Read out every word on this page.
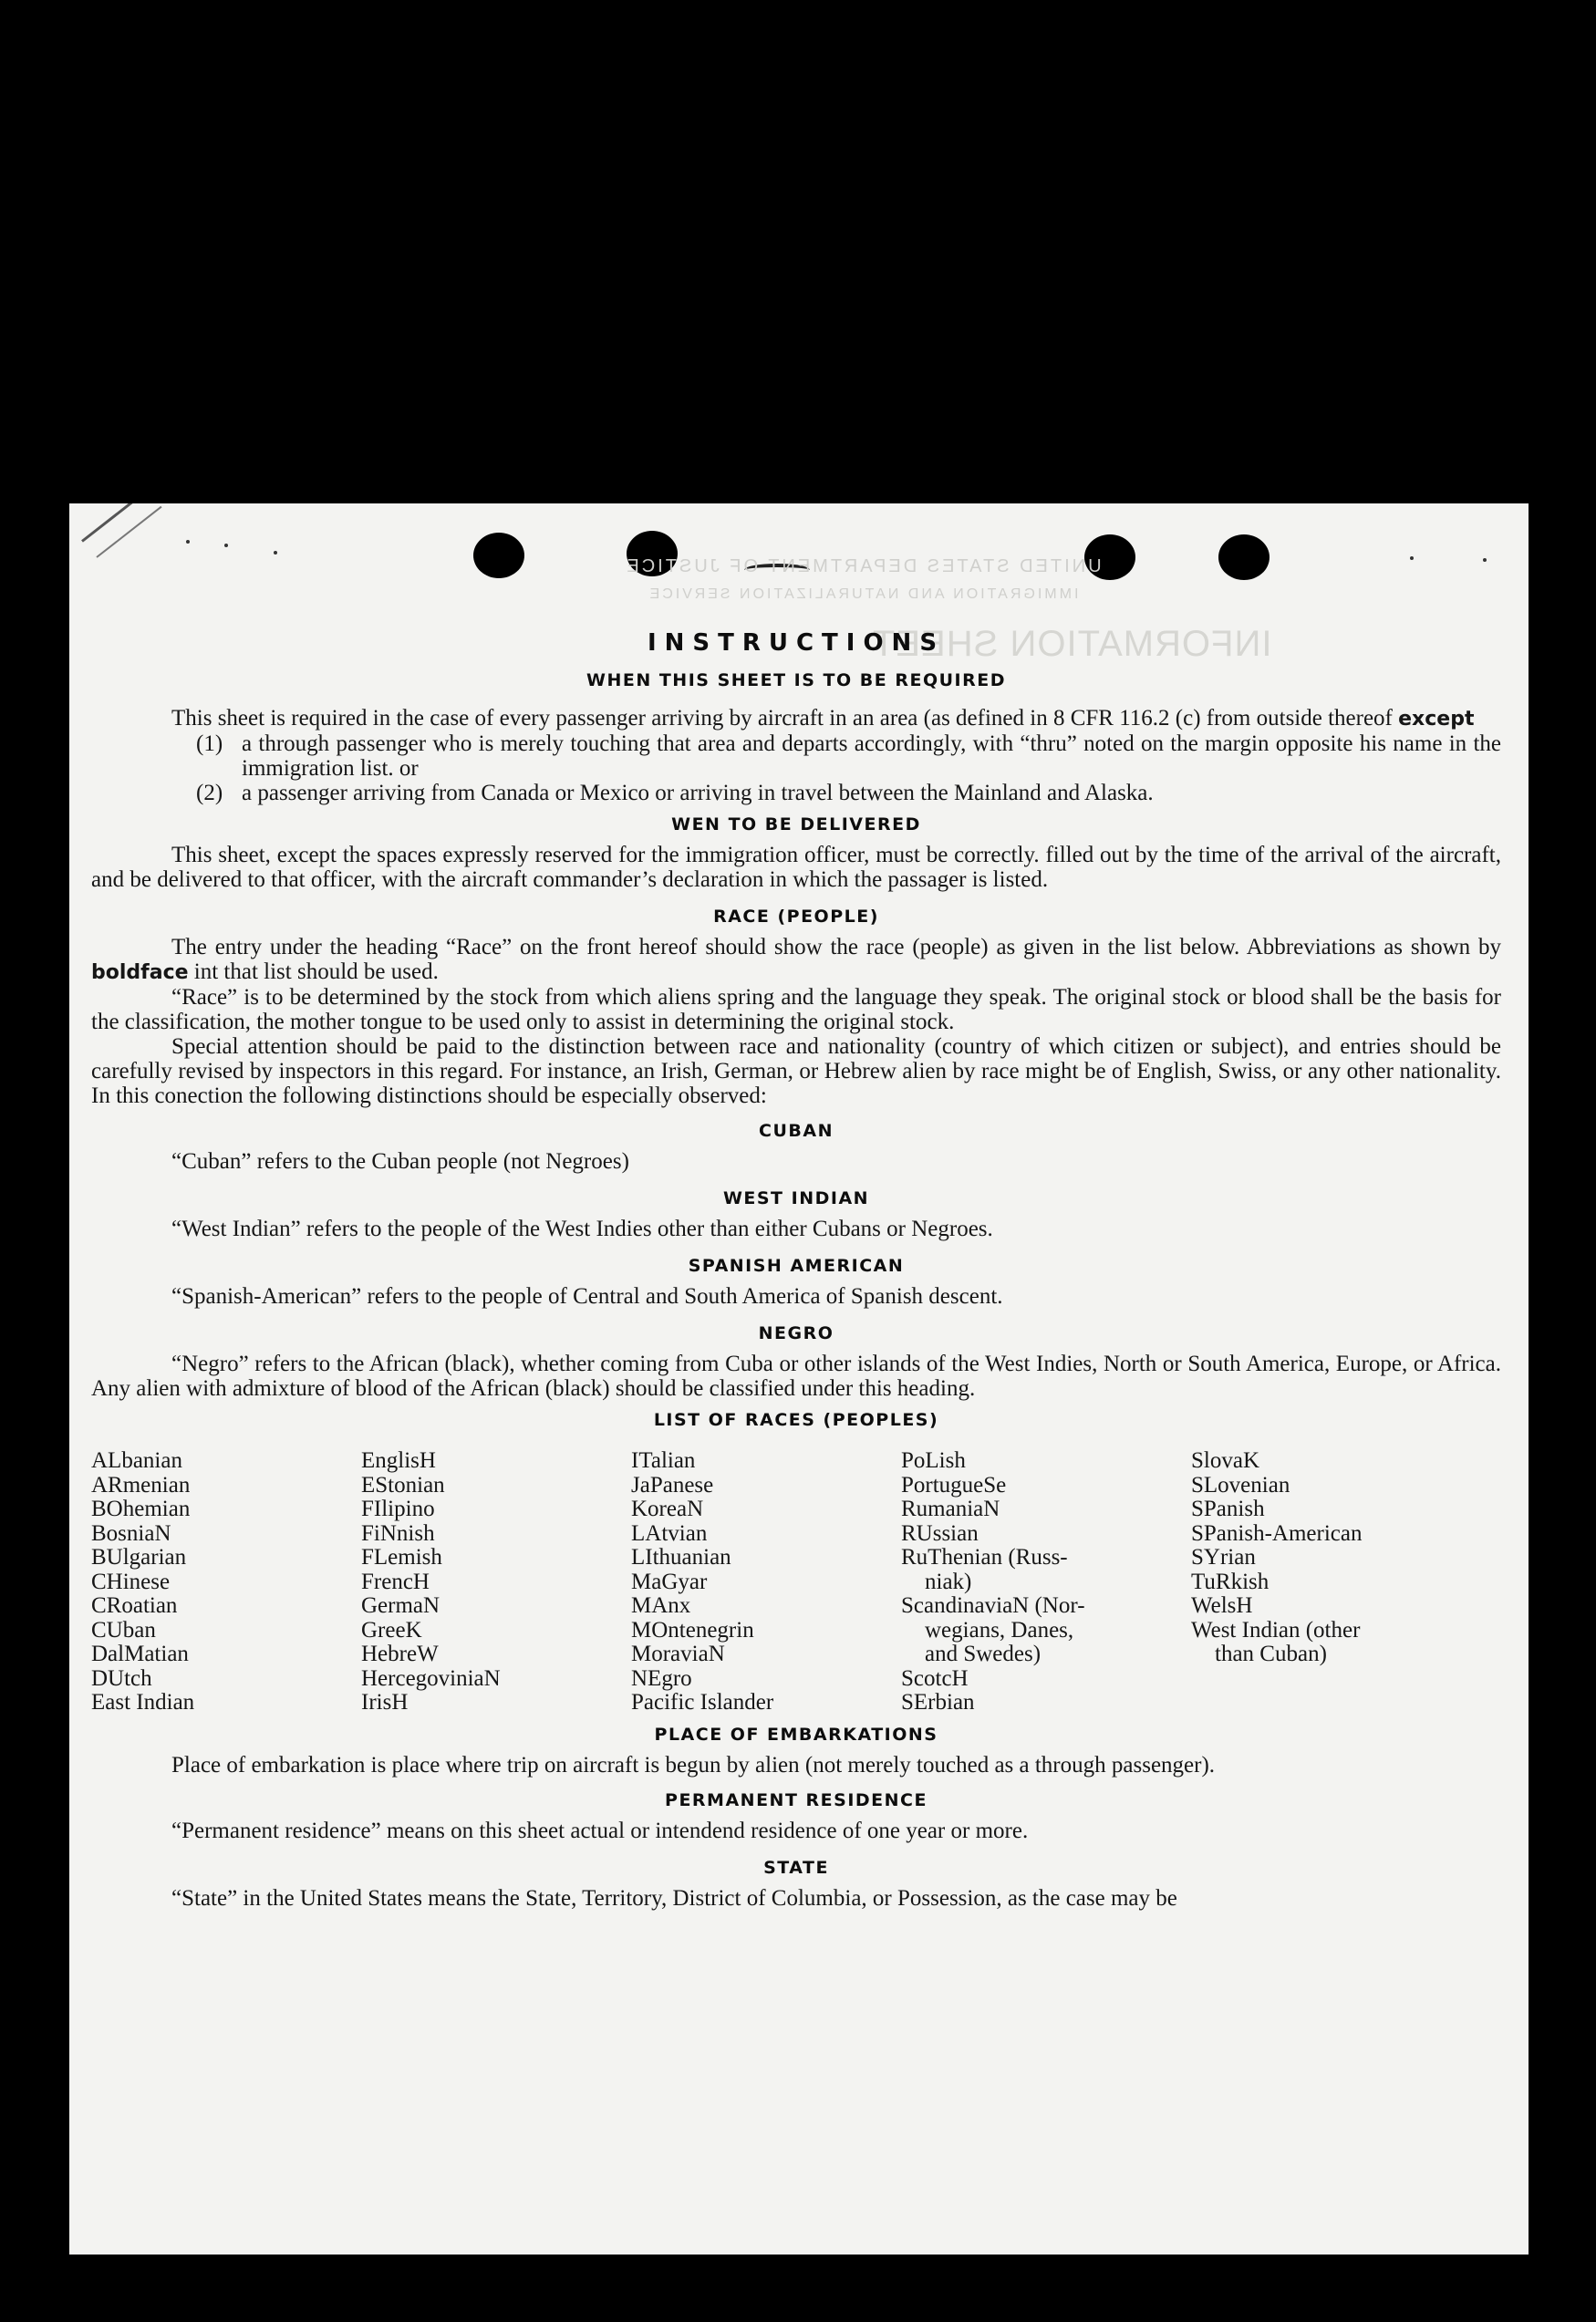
UNITED STATES DEPARTMENT OF JUSTICE
IMMIGRATION AND NATURALIZATION SERVICE
INFORMATION SHEET
INSTRUCTIONS
WHEN THIS SHEET IS TO BE REQUIRED

This sheet is required in the case of every passenger arriving by aircraft in an area (as defined in 8 CFR 116.2 (c) from outside thereof except

(1) a through passenger who is merely touching that area and departs accordingly, with “thru” noted on the margin opposite his name in the immigration list. or
(2) a passenger arriving from Canada or Mexico or arriving in travel between the Mainland and Alaska.
WEN TO BE DELIVERED

This sheet, except the spaces expressly reserved for the immigration officer, must be correctly. filled out by the time of the arrival of the aircraft, and be delivered to that officer, with the aircraft commander’s declaration in which the passager is listed.

RACE (PEOPLE)

The entry under the heading “Race” on the front hereof should show the race (people) as given in the list below. Abbreviations as shown by boldface int that list should be used.

“Race” is to be determined by the stock from which aliens spring and the language they speak. The original stock or blood shall be the basis for the classification, the mother tongue to be used only to assist in determining the original stock.

Special attention should be paid to the distinction between race and nationality (country of which citizen or subject), and entries should be carefully revised by inspectors in this regard. For instance, an Irish, German, or Hebrew alien by race might be of English, Swiss, or any other nationality. In this conection the following distinctions should be especially observed:

CUBAN

“Cuban” refers to the Cuban people (not Negroes)

WEST INDIAN

“West Indian” refers to the people of the West Indies other than either Cubans or Negroes.

SPANISH AMERICAN

“Spanish-American” refers to the people of Central and South America of Spanish descent.

NEGRO

“Negro” refers to the African (black), whether coming from Cuba or other islands of the West Indies, North or South America, Europe, or Africa. Any alien with admixture of blood of the African (black) should be classified under this heading.

LIST OF RACES (PEOPLES)
ALbanian
ARmenian
BOhemian
BosniaN
BUlgarian
CHinese
CRoatian
CUban
DalMatian
DUtch
East Indian
EnglisH
EStonian
FIlipino
FiNnish
FLemish
FrencH
GermaN
GreeK
HebreW
HercegoviniaN
IrisH
ITalian
JaPanese
KoreaN
LAtvian
LIthuanian
MaGyar
MAnx
MOntenegrin
MoraviaN
NEgro
Pacific Islander
PoLish
PortugueSe
RumaniaN
RUssian
RuThenian (Russ-
niak)
ScandinaviaN (Nor-
wegians, Danes,
and Swedes)
ScotcH
SErbian
SlovaK
SLovenian
SPanish
SPanish-American
SYrian
TuRkish
WelsH
West Indian (other
than Cuban)
PLACE OF EMBARKATIONS

Place of embarkation is place where trip on aircraft is begun by alien (not merely touched as a through passenger).

PERMANENT RESIDENCE

“Permanent residence” means on this sheet actual or intendend residence of one year or more.

STATE

“State” in the United States means the State, Territory, District of Columbia, or Possession, as the case may be
